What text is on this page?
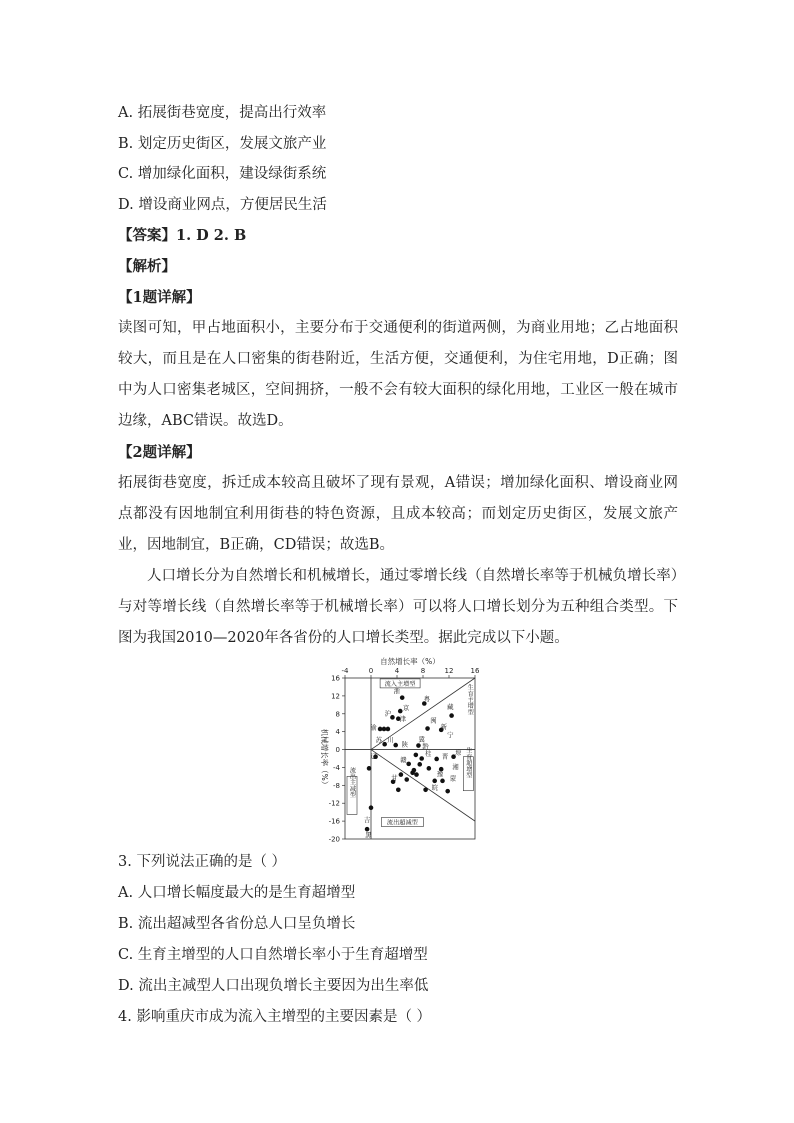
A. 拓展街巷宽度，提高出行效率
B. 划定历史街区，发展文旅产业
C. 增加绿化面积，建设绿街系统
D. 增设商业网点，方便居民生活
【答案】1. D 2. B
【解析】
【1题详解】
读图可知，甲占地面积小，主要分布于交通便利的街道两侧，为商业用地；乙占地面积较大，而且是在人口密集的街巷附近，生活方便，交通便利，为住宅用地，D正确；图中为人口密集老城区，空间拥挤，一般不会有较大面积的绿化用地，工业区一般在城市边缘，ABC错误。故选D。
【2题详解】
拓展街巷宽度，拆迁成本较高且破坏了现有景观，A错误；增加绿化面积、增设商业网点都没有因地制宜利用街巷的特色资源，且成本较高；而划定历史街区，发展文旅产业，因地制宜，B正确，CD错误；故选B。
人口增长分为自然增长和机械增长，通过零增长线（自然增长率等于机械负增长率）与对等增长线（自然增长率等于机械增长率）可以将人口增长划分为五种组合类型。下图为我国2010—2020年各省份的人口增长类型。据此完成以下小题。
-4	0	4	8	12 16
16
12
8
4
0
-4
-8
-12
-16
-20
自然增长率（%）
机械增长率（%）
流入主增型	生育主增型
生育超增型
流出主减型
流出超减型
浙
粤
京	藏
沪
津
渝
苏
闽
川
陕
冀
新
宁
黔
辽	赣
桂	琼
晋
湘
豫
蒙
皖
甘
吉
黑
3. 下列说法正确的是（ ）
A. 人口增长幅度最大的是生育超增型
B. 流出超减型各省份总人口呈负增长
C. 生育主增型的人口自然增长率小于生育超增型
D. 流出主减型人口出现负增长主要因为出生率低
4. 影响重庆市成为流入主增型的主要因素是（ ）
